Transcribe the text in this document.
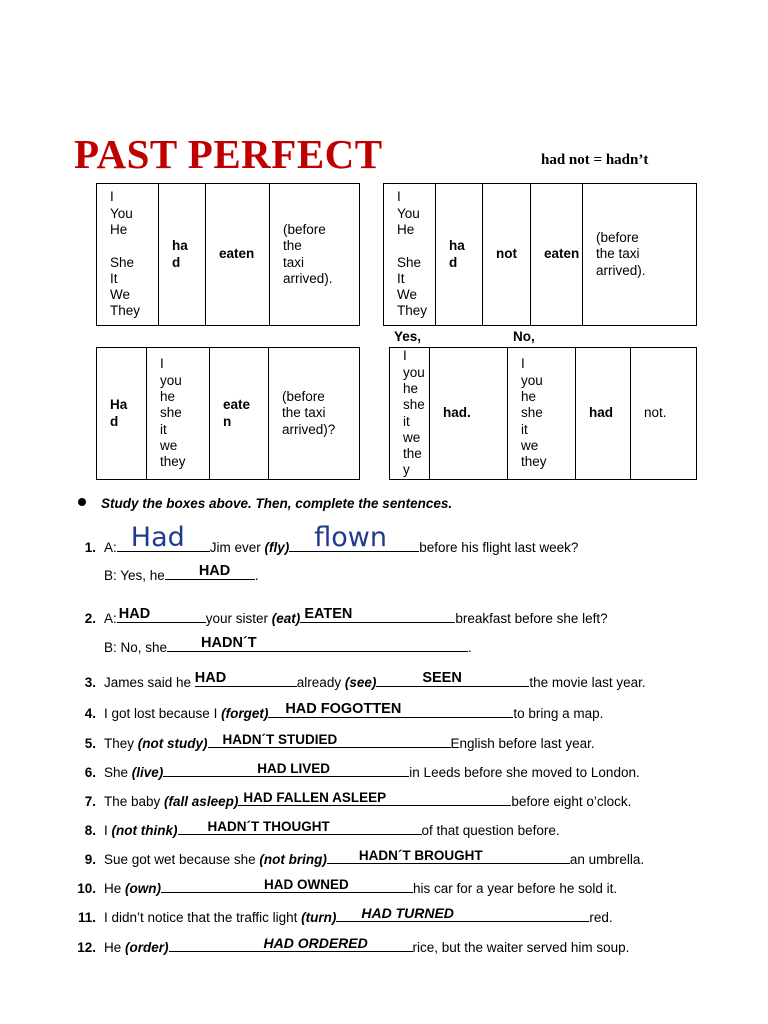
PAST PERFECT	had not = hadn’t
I
You
He

She
It
We
They	ha
d	eaten	(before
the
taxi
arrived).
I
You
He

She
It
We
They	ha
d	not	eaten	(before
the taxi
arrived).
Yes,	No,
Ha
d	I
you
he
she
it
we
they	eate
n	(before
the taxi
arrived)?
I
you
he
she
it
we
the
y	had.	I
you
he
she
it
we
they	had	not.
Study the boxes above. Then, complete the sentences.
1. A: Had Jim ever (fly) flown before his flight last week?
B: Yes, he HAD .
2. A: HAD	your sister (eat) EATEN	breakfast before she left?
B: No, she HADN´T	.
3. James said he HAD	already (see)	SEEN	the movie last year.
4. I got lost because I (forget) HAD FOGOTTEN	to bring a map.
5. They (not study) HADN´T STUDIED	English before last year.
6. She (live)	HAD LIVED	in Leeds before she moved to London.
7. The baby (fall asleep) HAD FALLEN ASLEEP	before eight o’clock.
8. I (not think) HADN´T THOUGHT	of that question before.
9. Sue got wet because she (not bring) HADN´T BROUGHT	an umbrella.
10. He (own)	HAD OWNED	his car for a year before he sold it.
11. I didn’t notice that the traffic light (turn) HAD TURNED	red.
12. He (order)	HAD ORDERED	rice, but the waiter served him soup.
